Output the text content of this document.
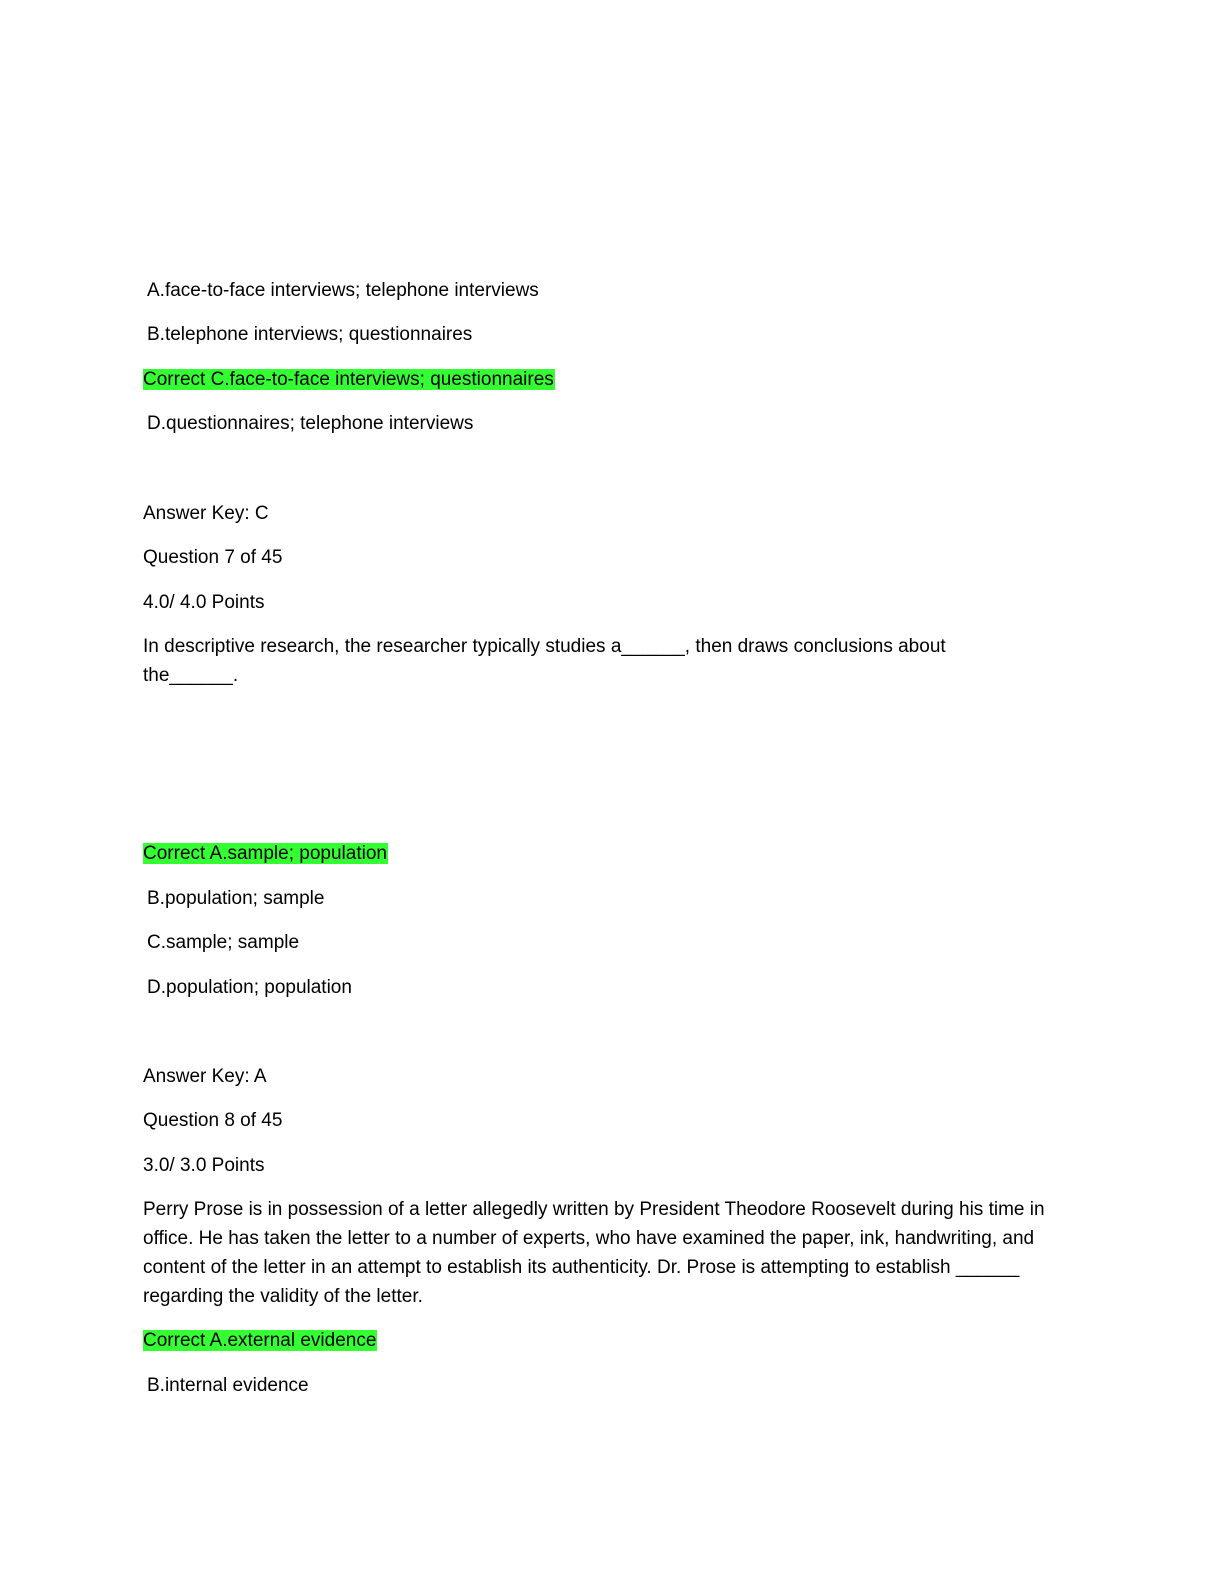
A.face-to-face interviews; telephone interviews

B.telephone interviews; questionnaires

Correct C.face-to-face interviews; questionnaires

D.questionnaires; telephone interviews

Answer Key: C

Question 7 of 45

4.0/ 4.0 Points

In descriptive research, the researcher typically studies a______, then draws conclusions about the______.

Correct A.sample; population

B.population; sample

C.sample; sample

D.population; population

Answer Key: A

Question 8 of 45

3.0/ 3.0 Points

Perry Prose is in possession of a letter allegedly written by President Theodore Roosevelt during his time in office. He has taken the letter to a number of experts, who have examined the paper, ink, handwriting, and content of the letter in an attempt to establish its authenticity. Dr. Prose is attempting to establish ______ regarding the validity of the letter.

Correct A.external evidence

B.internal evidence
